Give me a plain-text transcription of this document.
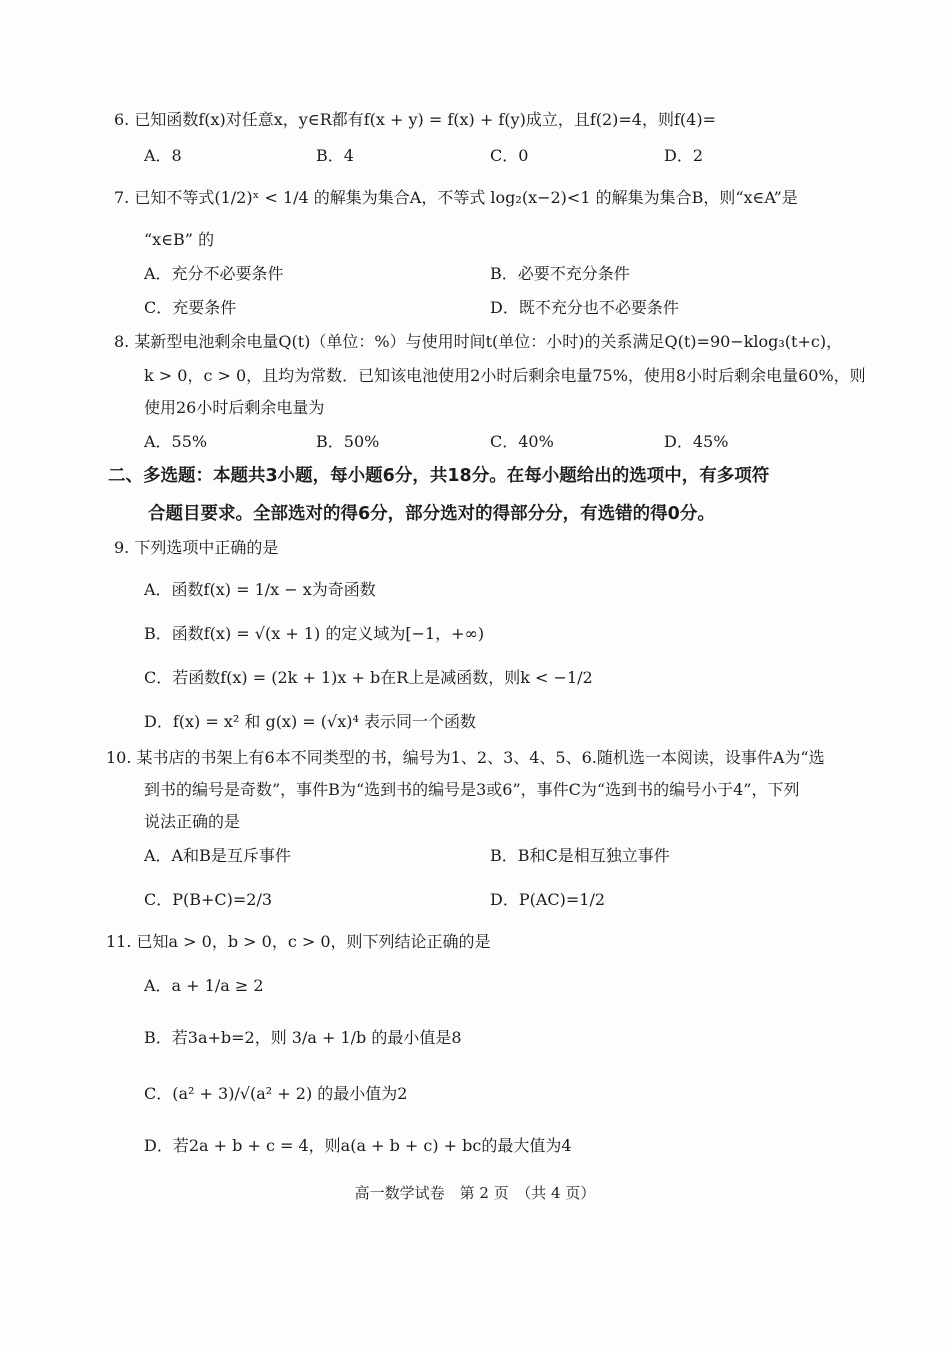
6. 已知函数f(x)对任意x，y∈R都有f(x + y) = f(x) + f(y)成立，且f(2)=4，则f(4)=
A．8	B．4	C．0	D．2
7. 已知不等式(1/2)ˣ < 1/4 的解集为集合A，不等式 log₂(x−2)<1 的解集为集合B，则“x∈A”是
“x∈B” 的
A．充分不必要条件	B．必要不充分条件
C．充要条件	D．既不充分也不必要条件
8. 某新型电池剩余电量Q(t)（单位：%）与使用时间t(单位：小时)的关系满足Q(t)=90−klog₃(t+c)，
k > 0，c > 0，且均为常数．已知该电池使用2小时后剩余电量75%，使用8小时后剩余电量60%，则
使用26小时后剩余电量为
A．55%	B．50%	C．40%	D．45%
二、多选题：本题共3小题，每小题6分，共18分。在每小题给出的选项中，有多项符
合题目要求。全部选对的得6分，部分选对的得部分分，有选错的得0分。
9. 下列选项中正确的是
A．函数f(x) = 1/x − x为奇函数
B．函数f(x) = √(x + 1) 的定义域为[−1，+∞)
C．若函数f(x) = (2k + 1)x + b在R上是减函数，则k < −1/2
D．f(x) = x² 和 g(x) = (√x)⁴ 表示同一个函数
10. 某书店的书架上有6本不同类型的书，编号为1、2、3、4、5、6.随机选一本阅读，设事件A为“选
到书的编号是奇数”，事件B为“选到书的编号是3或6”，事件C为“选到书的编号小于4”，下列
说法正确的是
A．A和B是互斥事件	B．B和C是相互独立事件
C．P(B+C)=2/3	D．P(AC)=1/2
11. 已知a > 0，b > 0，c > 0，则下列结论正确的是
A．a + 1/a ≥ 2
B．若3a+b=2，则 3/a + 1/b 的最小值是8
C．(a² + 3)/√(a² + 2) 的最小值为2
D．若2a + b + c = 4，则a(a + b + c) + bc的最大值为4
高一数学试卷　第 2 页　（共 4 页）
